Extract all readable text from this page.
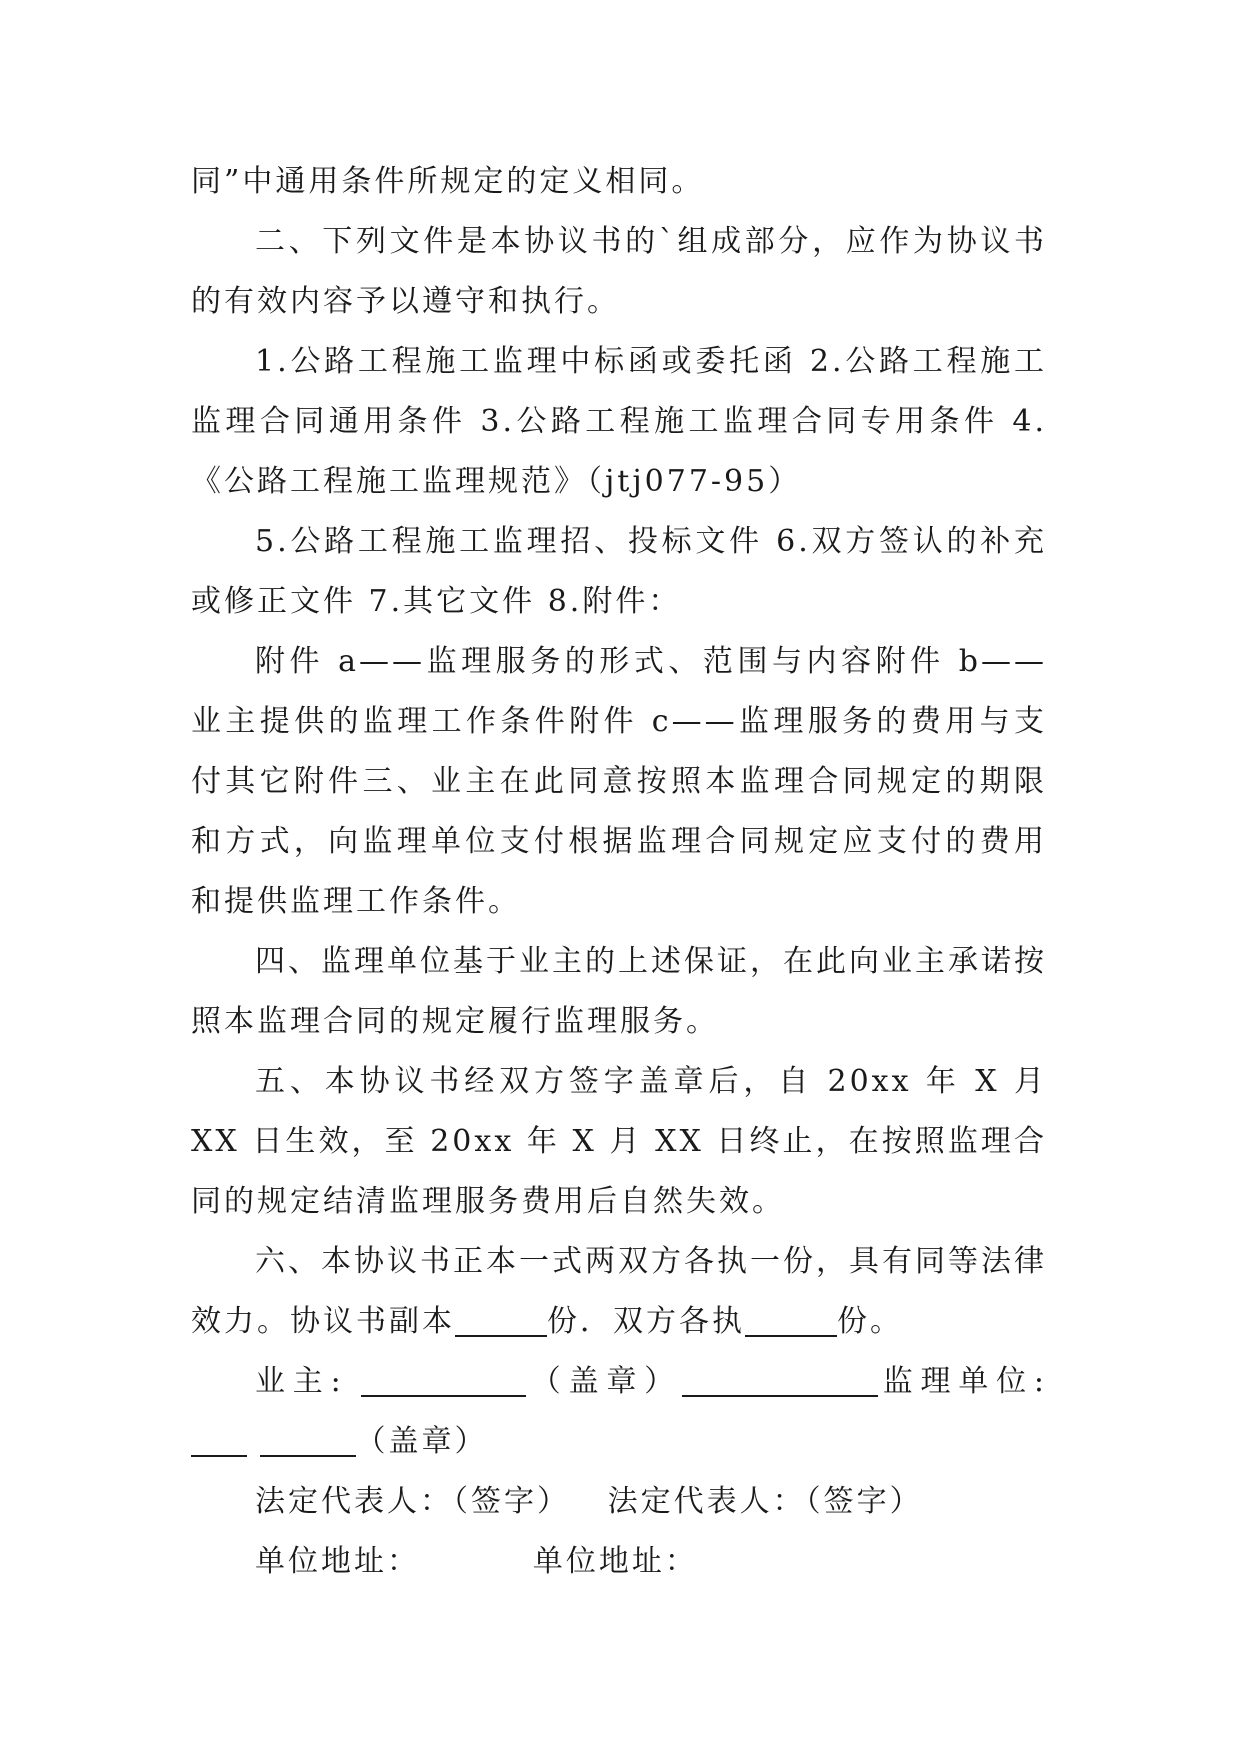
同”中通用条件所规定的定义相同。

二、下列文件是本协议书的`组成部分，应作为协议书的有效内容予以遵守和执行。

1.公路工程施工监理中标函或委托函 2.公路工程施工监理合同通用条件 3.公路工程施工监理合同专用条件 4.《公路工程施工监理规范》（jtj077-95）

5.公路工程施工监理招、投标文件 6.双方签认的补充或修正文件 7.其它文件 8.附件：

附件 a——监理服务的形式、范围与内容附件 b——业主提供的监理工作条件附件 c——监理服务的费用与支付其它附件三、业主在此同意按照本监理合同规定的期限和方式，向监理单位支付根据监理合同规定应支付的费用和提供监理工作条件。

四、监理单位基于业主的上述保证，在此向业主承诺按照本监理合同的规定履行监理服务。

五、本协议书经双方签字盖章后，自 20xx 年 X 月 XX 日生效，至 20xx 年 X 月 XX 日终止，在按照监理合同的规定结清监理服务费用后自然失效。

六、本协议书正本一式两双方各执一份，具有同等法律效力。协议书副本	份．双方各执	份。

业主:	（盖章）	监理单位:  （盖章）

法定代表人：（签字） 法定代表人：（签字）

单位地址：	单位地址：
